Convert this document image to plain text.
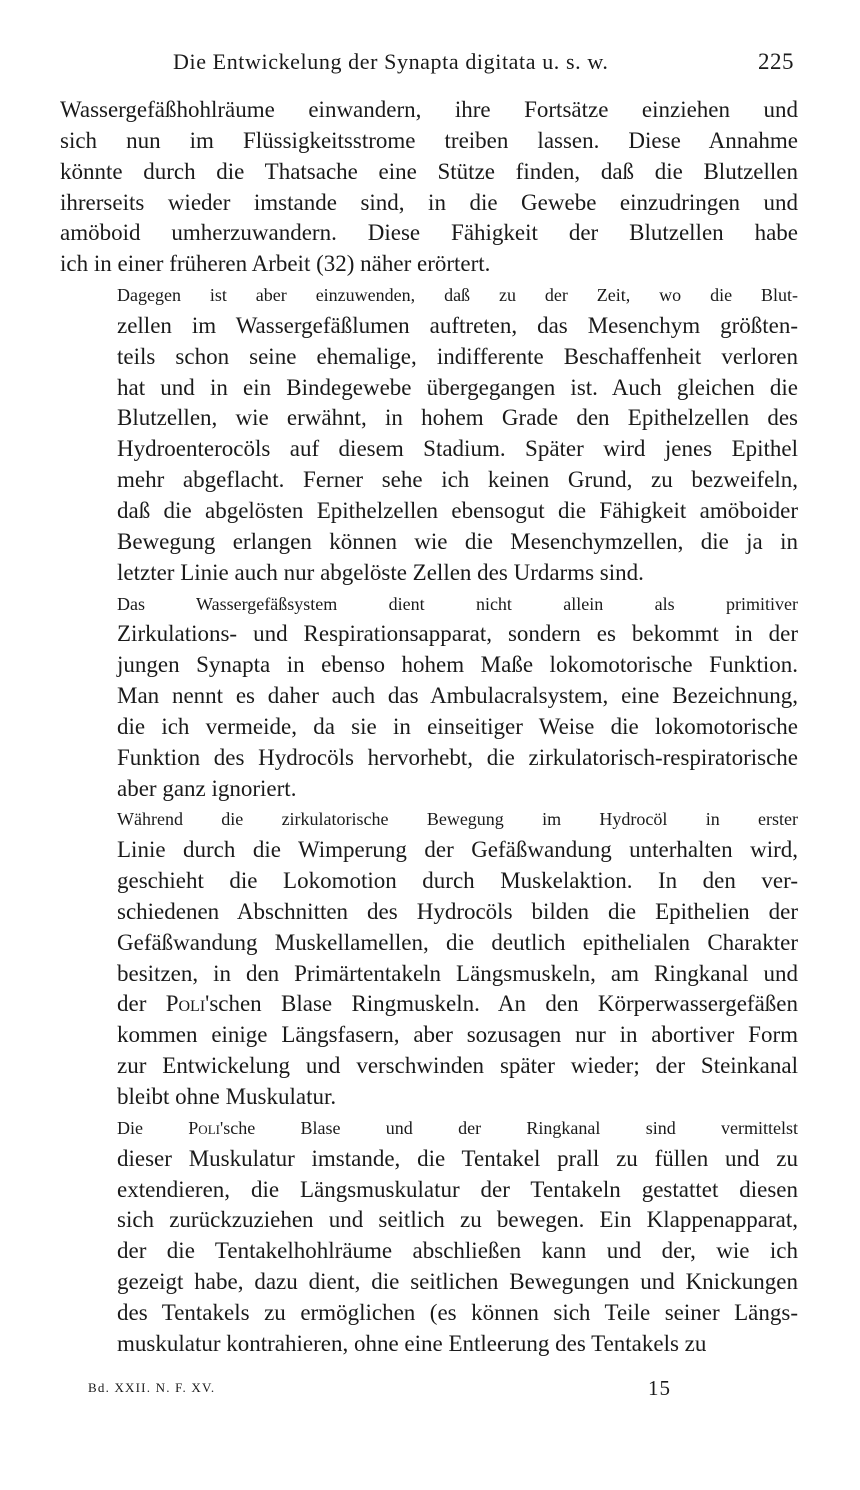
Die Entwickelung der Synapta digitata u. s. w.	225
Wassergefäßhohlräume einwandern, ihre Fortsätze einziehen und
sich nun im Flüssigkeitsstrome treiben lassen. Diese Annahme
könnte durch die Thatsache eine Stütze finden, daß die Blutzellen
ihrerseits wieder imstande sind, in die Gewebe einzudringen und
amöboid umherzuwandern. Diese Fähigkeit der Blutzellen habe
ich in einer früheren Arbeit (32) näher erörtert.
Dagegen ist aber einzuwenden, daß zu der Zeit, wo die Blut-
zellen im Wassergefäßlumen auftreten, das Mesenchym größten-
teils schon seine ehemalige, indifferente Beschaffenheit verloren
hat und in ein Bindegewebe übergegangen ist. Auch gleichen die
Blutzellen, wie erwähnt, in hohem Grade den Epithelzellen des
Hydroenterocöls auf diesem Stadium. Später wird jenes Epithel
mehr abgeflacht. Ferner sehe ich keinen Grund, zu bezweifeln,
daß die abgelösten Epithelzellen ebensogut die Fähigkeit amöboider
Bewegung erlangen können wie die Mesenchymzellen, die ja in
letzter Linie auch nur abgelöste Zellen des Urdarms sind.
Das Wassergefäßsystem dient nicht allein als primitiver
Zirkulations- und Respirationsapparat, sondern es bekommt in der
jungen Synapta in ebenso hohem Maße lokomotorische Funktion.
Man nennt es daher auch das Ambulacralsystem, eine Bezeichnung,
die ich vermeide, da sie in einseitiger Weise die lokomotorische
Funktion des Hydrocöls hervorhebt, die zirkulatorisch-respiratorische
aber ganz ignoriert.
Während die zirkulatorische Bewegung im Hydrocöl in erster
Linie durch die Wimperung der Gefäßwandung unterhalten wird,
geschieht die Lokomotion durch Muskelaktion. In den ver-
schiedenen Abschnitten des Hydrocöls bilden die Epithelien der
Gefäßwandung Muskellamellen, die deutlich epithelialen Charakter
besitzen, in den Primärtentakeln Längsmuskeln, am Ringkanal und
der Poli'schen Blase Ringmuskeln. An den Körperwassergefäßen
kommen einige Längsfasern, aber sozusagen nur in abortiver Form
zur Entwickelung und verschwinden später wieder; der Steinkanal
bleibt ohne Muskulatur.
Die Poli'sche Blase und der Ringkanal sind vermittelst
dieser Muskulatur imstande, die Tentakel prall zu füllen und zu
extendieren, die Längsmuskulatur der Tentakeln gestattet diesen
sich zurückzuziehen und seitlich zu bewegen. Ein Klappenapparat,
der die Tentakelhohlräume abschließen kann und der, wie ich
gezeigt habe, dazu dient, die seitlichen Bewegungen und Knickungen
des Tentakels zu ermöglichen (es können sich Teile seiner Längs-
muskulatur kontrahieren, ohne eine Entleerung des Tentakels zu
Bd. XXII. N. F. XV.	15
